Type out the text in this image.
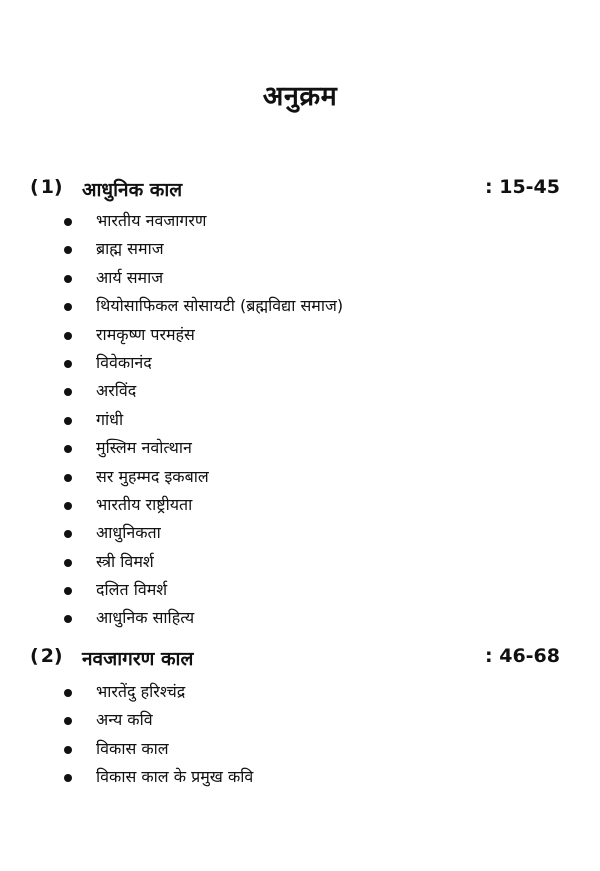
अनुक्रम
(1) आधुनिक काल	: 15-45
भारतीय नवजागरण
ब्राह्म समाज
आर्य समाज
थियोसाफिकल सोसायटी (ब्रह्मविद्या समाज)
रामकृष्ण परमहंस
विवेकानंद
अरविंद
गांधी
मुस्लिम नवोत्थान
सर मुहम्मद इकबाल
भारतीय राष्ट्रीयता
आधुनिकता
स्त्री विमर्श
दलित विमर्श
आधुनिक साहित्य
(2) नवजागरण काल	: 46-68
भारतेंदु हरिश्चंद्र
अन्य कवि
विकास काल
विकास काल के प्रमुख कवि
